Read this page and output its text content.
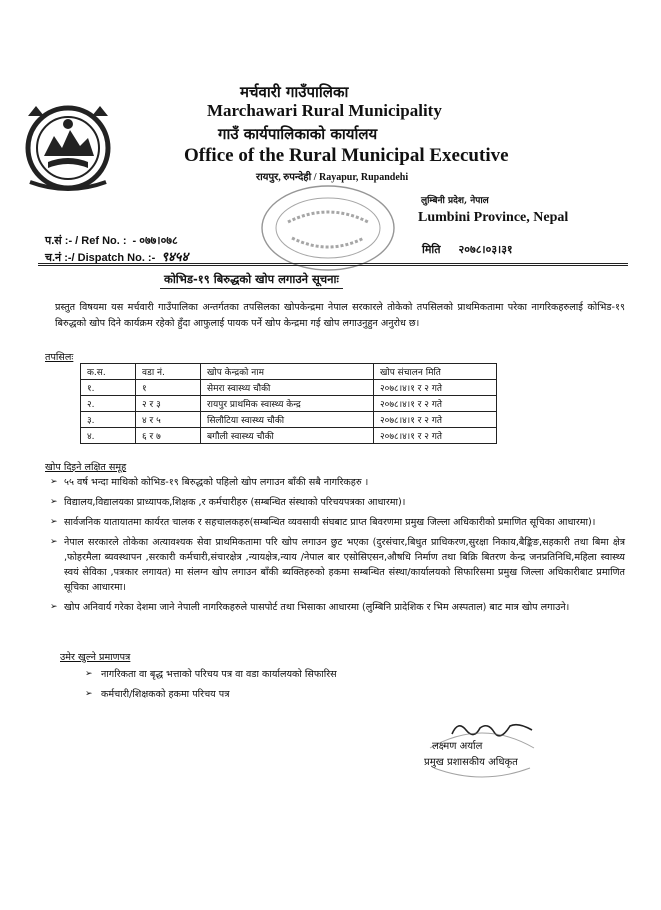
मर्चवारी गाउँपालिका
Marchawari Rural Municipality
गाउँ कार्यपालिकाको कार्यालय
Office of the Rural Municipal Executive
रायपुर, रुपन्देही / Rayapur, Rupandehi
लुम्बिनी प्रदेश, नेपाल
Lumbini Province, Nepal
प.सं :- / Ref No. : - ०७७।०७८
च.नं :-/ Dispatch No. :- ९४५४
मिति २०७८।०३।३१
कोभिड-१९ बिरुद्धको खोप लगाउने सूचनाः
प्रस्तुत विषयमा यस मर्चवारी गाउँपालिका अन्तर्गतका तपसिलका खोपकेन्द्रमा नेपाल सरकारले तोकेको तपसिलको प्राथमिकतामा परेका नागरिकहरुलाई कोभिड-१९ बिरुद्धको खोप दिने कार्यक्रम रहेको हुँदा आफुलाई पायक पर्ने खोप केन्द्रमा गई खोप लगाउनुहुन अनुरोध छ।
तपसिलः
क.स.	वडा नं.	खोप केन्द्रको नाम	खोप संचालन मिति
१.	१	सेमरा स्वास्थ्य चौकी	२०७८।४।१ र २ गते
२.	२ र ३	रायपुर प्राथमिक स्वास्थ्य केन्द्र	२०७८।४।१ र २ गते
३.	४ र ५	सिलौटिया स्वास्थ्य चौकी	२०७८।४।१ र २ गते
४.	६ र ७	बगौली स्वास्थ्य चौकी	२०७८।४।१ र २ गते
खोप दिइने लक्षित समूह
➢ ५५ वर्ष भन्दा माथिको कोभिड-१९ बिरुद्धको पहिलो खोप लगाउन बाँकी सबै नागरिकहरु ।
➢ विद्यालय,विद्यालयका प्राध्यापक,शिक्षक ,र कर्मचारीहरु (सम्बन्धित संस्थाको परिचयपत्रका आधारमा)।
➢ सार्वजनिक यातायातमा कार्यरत चालक र सहचालकहरु(सम्बन्धित व्यवसायी संघबाट प्राप्त बिवरणमा प्रमुख जिल्ला अधिकारीको प्रमाणित सूचिका आधारमा)।
➢ नेपाल सरकारले तोकेका अत्यावश्यक सेवा प्राथमिकतामा परि खोप लगाउन छुट भएका (दुरसंचार,बिधुत प्राधिकरण,सुरक्षा निकाय,बैङ्किङ,सहकारी तथा बिमा क्षेत्र ,फोहरमैला ब्यवस्थापन ,सरकारी कर्मचारी,संचारक्षेत्र ,न्यायक्षेत्र,न्याय /नेपाल बार एसोसिएसन,औषधि निर्माण तथा बिक्रि बितरण केन्द्र जनप्रतिनिधि,महिला स्वास्थ्य स्वयं सेविका ,पत्रकार लगायत) मा संलग्न खोप लगाउन बाँकी ब्यक्तिहरुको हकमा सम्बन्धित संस्था/कार्यालयको सिफारिसमा प्रमुख जिल्ला अधिकारीबाट प्रमाणित सूचिका आधारमा।
➢ खोप अनिवार्य गरेका देशमा जाने नेपाली नागरिकहरुले पासपोर्ट तथा भिसाका आधारमा (लुम्बिनि प्रादेशिक र भिम अस्पताल) बाट मात्र खोप लगाउने।
उमेर खुल्ने प्रमाणपत्र
➢ नागरिकता वा बृद्ध भत्ताको परिचय पत्र वा वडा कार्यालयको सिफारिस
➢ कर्मचारी/शिक्षकको हकमा परिचय पत्र
लक्ष्मण अर्याल
प्रमुख प्रशासकीय अधिकृत
